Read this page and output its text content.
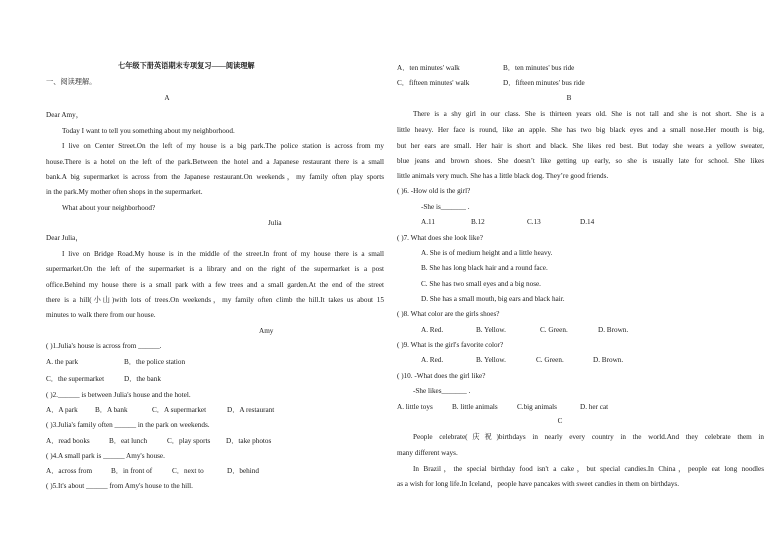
七年级下册英语期末专项复习——阅读理解
一、阅读理解。
A
Dear Amy，
Today I want to tell you something about my neighborhood.
I live on Center Street.On the left of my house is a big park.The police station is across from my
house.There is a hotel on the left of the park.Between the hotel and a Japanese restaurant there is a small
bank.A big supermarket is across from the Japanese restaurant.On weekends，my family often play sports
in the park.My mother often shops in the supermarket.
What about your neighborhood?
Julia
Dear Julia，
I live on Bridge Road.My house is in the middle of the street.In front of my house there is a small
supermarket.On the left of the supermarket is a library and on the right of the supermarket is a post
office.Behind my house there is a small park with a few trees and a small garden.At the end of the street
there is a hill(小山)with lots of trees.On weekends，my family often climb the hill.It takes us about 15
minutes to walk there from our house.
Amy
( )1.Julia's house is across from ______.
A. the park	B．the police station
C．the supermarket	D．the bank
( )2.______ is between Julia's house and the hotel.
A．A park B．A bank	C．A supermarket	D．A restaurant
( )3.Julia's family often ______ in the park on weekends.
A．read books	B．eat lunch	C．play sports D．take photos
( )4.A small park is ______ Amy's house.
A．across from	B．in front of	C．next to	D．behind
( )5.It's about ______ from Amy's house to the hill.
A．ten minutes' walk	B．ten minutes' bus ride
C．fifteen minutes' walk	D．fifteen minutes' bus ride
B
There is a shy girl in our class. She is thirteen years old. She is not tall and she is not short. She is a
little heavy. Her face is round, like an apple. She has two big black eyes and a small nose.Her mouth is big,
but her ears are small. Her hair is short and black. She likes red best. But today she wears a yellow sweater,
blue jeans and brown shoes. She doesn’t like getting up early, so she is usually late for school. She likes
little animals very much. She has a little black dog. They’re good friends.
( )6. -How old is the girl?
-She is_______ .
A.11	B.12	C.13	D.14
( )7. What does she look like?
A. She is of medium height and a little heavy.
B. She has long black hair and a round face.
C. She has two small eyes and a big nose.
D. She has a small mouth, big ears and black hair.
( )8. What color are the girls shoes?
A. Red.	B. Yellow.	C. Green.	D. Brown.
( )9. What is the girl's favorite color?
A. Red.	B. Yellow.	C. Green.	D. Brown.
( )10. -What does the girl like?
-She likes_______ .
A. little toys	B. little animals	C.big animals	D. her cat
C
People celebrate(庆祝)birthdays in nearly every country in the world.And they celebrate them in
many different ways.
In Brazil，the special birthday food isn't a cake，but special candies.In China，people eat long noodles
as a wish for long life.In Iceland，people have pancakes with sweet candies in them on birthdays.
